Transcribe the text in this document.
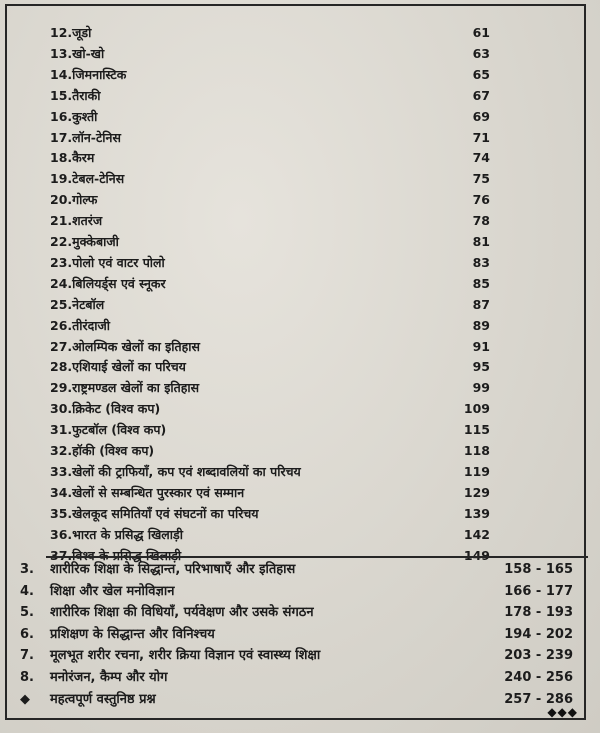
12.जूडो	61
13.खो-खो	63
14.जिमनास्टिक	65
15.तैराकी	67
16.कुश्ती	69
17.लॉन-टेनिस	71
18.कैरम	74
19.टेबल-टेनिस	75
20.गोल्फ	76
21.शतरंज	78
22.मुक्केबाजी	81
23.पोलो एवं वाटर पोलो	83
24.बिलियर्ड्स एवं स्नूकर	85
25.नेटबॉल	87
26.तीरंदाजी	89
27.ओलम्पिक खेलों का इतिहास	91
28.एशियाई खेलों का परिचय	95
29.राष्ट्रमण्डल खेलों का इतिहास	99
30.क्रिकेट (विश्व कप)	109
31.फुटबॉल (विश्व कप)	115
32.हॉकी (विश्व कप)	118
33.खेलों की ट्राफियाँ, कप एवं शब्दावलियों का परिचय	119
34.खेलों से सम्बन्धित पुरस्कार एवं सम्मान	129
35.खेलकूद समितियाँ एवं संघटनों का परिचय	139
36.भारत के प्रसिद्ध खिलाड़ी	142
37.विश्व के प्रसिद्ध खिलाड़ी	149
3.	शारीरिक शिक्षा के सिद्धान्त, परिभाषाएँ और इतिहास	158 - 165
4.	शिक्षा और खेल मनोविज्ञान	166 - 177
5.	शारीरिक शिक्षा की विधियाँ, पर्यवेक्षण और उसके संगठन	178 - 193
6.	प्रशिक्षण के सिद्धान्त और विनिश्चय	194 - 202
7.	मूलभूत शरीर रचना, शरीर क्रिया विज्ञान एवं स्वास्थ्य शिक्षा	203 - 239
8.	मनोरंजन, कैम्प और योग	240 - 256
◆	महत्वपूर्ण वस्तुनिष्ठ प्रश्न	257 - 286
◆◆◆
